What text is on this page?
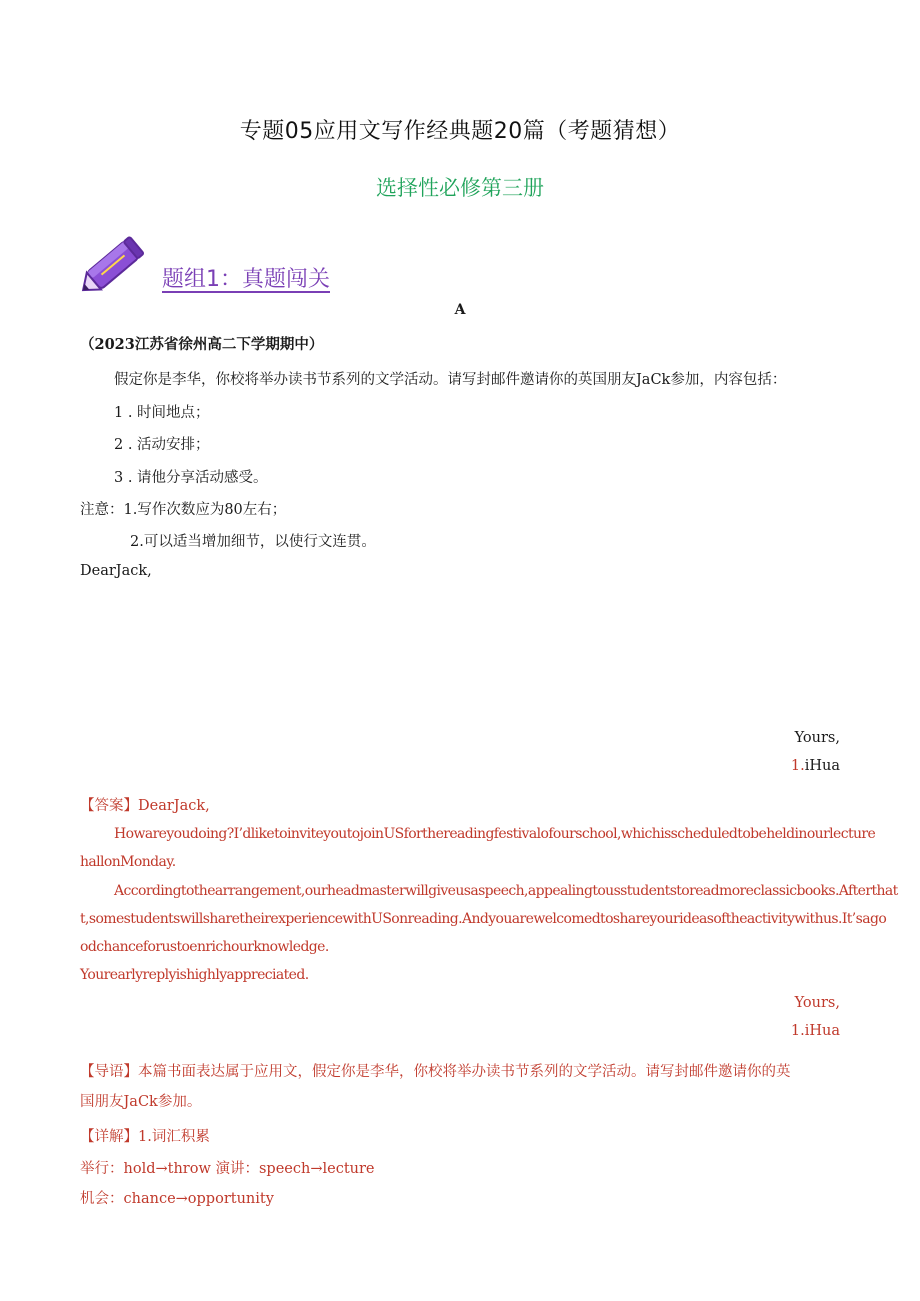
专题05应用文写作经典题20篇（考题猜想）
选择性必修第三册
题组1：真题闯关
A
（2023江苏省徐州高二下学期期中）
假定你是李华，你校将举办读书节系列的文学活动。请写封邮件邀请你的英国朋友JaCk参加，内容包括：
1 . 时间地点；
2 . 活动安排；
3 . 请他分享活动感受。
注意：1.写作次数应为80左右；
2.可以适当增加细节，以使行文连贯。
DearJack,
Yours,
1.iHua
【答案】DearJack,
Howareyoudoing?I’dliketoinviteyoutojoinUSforthereadingfestivalofourschool,whichisscheduledtobeheldinourlecture
hallonMonday.
Accordingtothearrangement,ourheadmasterwillgiveusaspeech,appealingtousstudentstoreadmoreclassicbooks.Afterthat
t,somestudentswillsharetheirexperiencewithUSonreading.Andyouarewelcomedtoshareyourideasoftheactivitywithus.It’sago
odchanceforustoenrichourknowledge.
Yourearlyreplyishighlyappreciated.
Yours,
1.iHua
【导语】本篇书面表达属于应用文，假定你是李华，你校将举办读书节系列的文学活动。请写封邮件邀请你的英
国朋友JaCk参加。
【详解】1.词汇积累
举行：hold→throw 演讲：speech→lecture
机会：chance→opportunity
